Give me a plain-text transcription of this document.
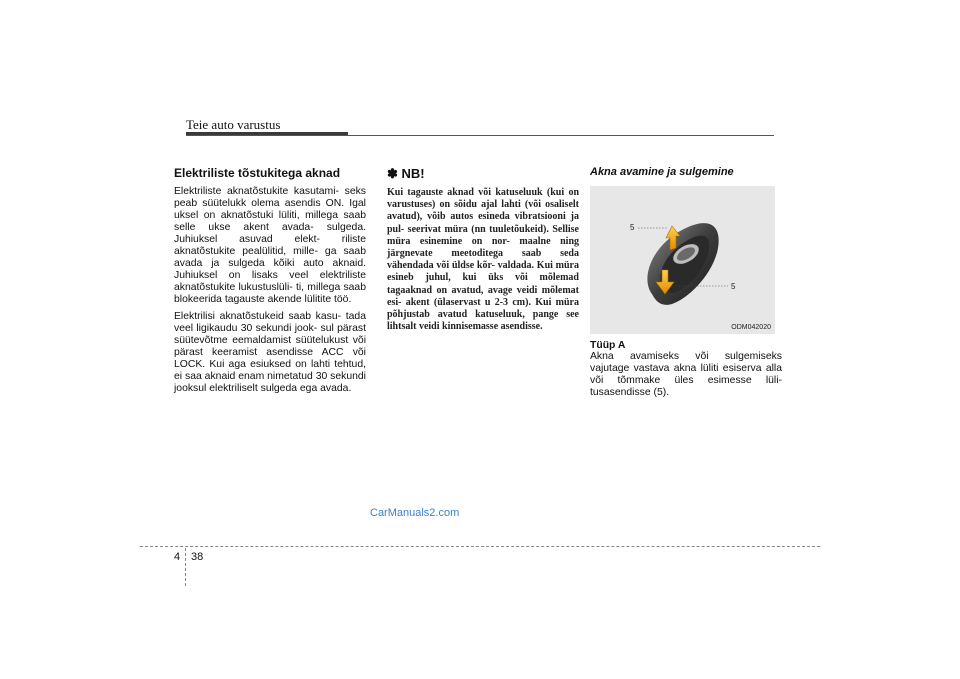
Teie auto varustus
Elektriliste tõstukitega aknad

Elektriliste aknatõstukite kasutami- seks peab süütelukk olema asendis ON. Igal uksel on aknatõstuki lüliti, millega saab selle ukse akent avada- sulgeda. Juhiuksel asuvad elekt- riliste aknatõstukite pealülitid, mille- ga saab avada ja sulgeda kõiki auto aknaid. Juhiuksel on lisaks veel elektriliste aknatõstukite lukustuslüli- ti, millega saab blokeerida tagauste akende lülitite töö.

Elektrilisi aknatõstukeid saab kasu- tada veel ligikaudu 30 sekundi jook- sul pärast süütevõtme eemaldamist süütelukust või pärast keeramist asendisse ACC või LOCK. Kui aga esiuksed on lahti tehtud, ei saa aknaid enam nimetatud 30 sekundi jooksul elektriliselt sulgeda ega avada.

✽ NB!

Kui tagauste aknad või katuseluuk (kui on varustuses) on sõidu ajal lahti (või osaliselt avatud), võib autos esineda vibratsiooni ja pul- seerivat müra (nn tuuletõukeid). Sellise müra esinemine on nor- maalne ning järgnevate meetoditega saab seda vähendada või üldse kõr- valdada. Kui müra esineb juhul, kui üks või mõlemad tagaaknad on avatud, avage veidi mõlemat esi- akent (ülaservast u 2-3 cm). Kui müra põhjustab avatud katuseluuk, pange see lihtsalt veidi kinnisemasse asendisse.

Akna avamine ja sulgemine
5
5
ODM042020
Tüüp A

Akna avamiseks või sulgemiseks vajutage vastava akna lüliti esiserva alla või tõmmake üles esimesse lüli- tusasendisse (5).

CarManuals2.com
4 38
